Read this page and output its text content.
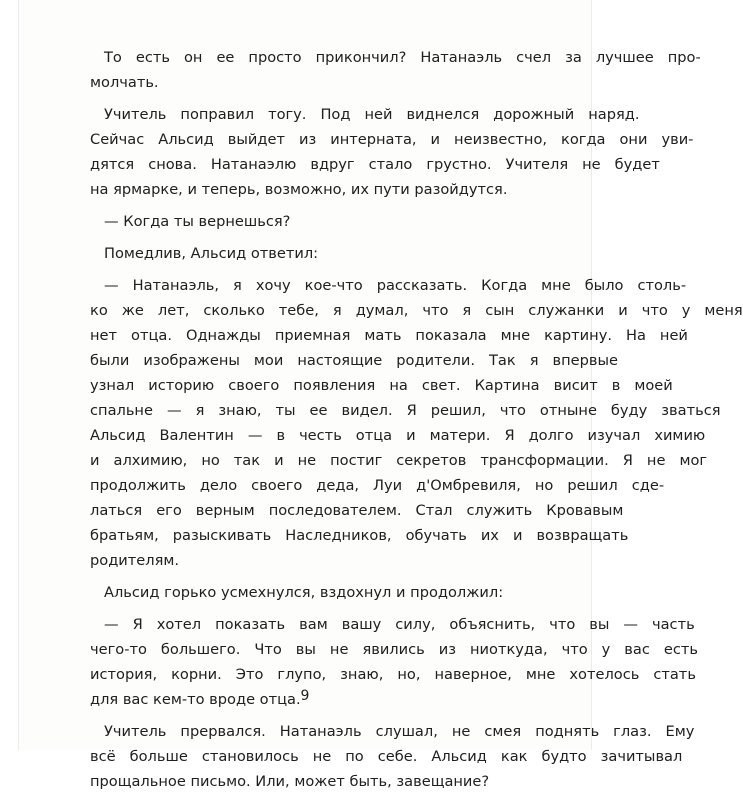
То есть он ее просто прикончил? Натанаэль счел за лучшее про-
молчать.
Учитель поправил тогу. Под ней виднелся дорожный наряд.
Сейчас Альсид выйдет из интерната, и неизвестно, когда они уви-
дятся снова. Натанаэлю вдруг стало грустно. Учителя не будет
на ярмарке, и теперь, возможно, их пути разойдутся.
— Когда ты вернешься?
Помедлив, Альсид ответил:
— Натанаэль, я хочу кое-что рассказать. Когда мне было столь-
ко же лет, сколько тебе, я думал, что я сын служанки и что у меня
нет отца. Однажды приемная мать показала мне картину. На ней
были изображены мои настоящие родители. Так я впервые
узнал историю своего появления на свет. Картина висит в моей
спальне — я знаю, ты ее видел. Я решил, что отныне буду зваться
Альсид Валентин — в честь отца и матери. Я долго изучал химию
и алхимию, но так и не постиг секретов трансформации. Я не мог
продолжить дело своего деда, Луи д'Омбревиля, но решил сде-
латься его верным последователем. Стал служить Кровавым
братьям, разыскивать Наследников, обучать их и возвращать
родителям.
Альсид горько усмехнулся, вздохнул и продолжил:
— Я хотел показать вам вашу силу, объяснить, что вы — часть
чего-то большего. Что вы не явились из ниоткуда, что у вас есть
история, корни. Это глупо, знаю, но, наверное, мне хотелось стать
для вас кем-то вроде отца.
Учитель прервался. Натанаэль слушал, не смея поднять глаз. Ему
всё больше становилось не по себе. Альсид как будто зачитывал
прощальное письмо. Или, может быть, завещание?
9
